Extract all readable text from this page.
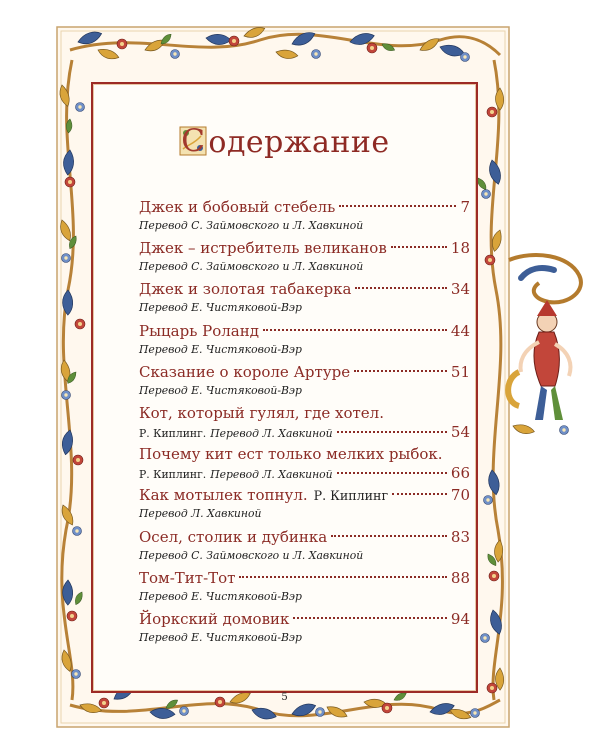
С одержание
Джек и бобовый стебель	7
Перевод С. Займовского и Л. Хавкиной
Джек – истребитель великанов	18
Перевод С. Займовского и Л. Хавкиной
Джек и золотая табакерка	34
Перевод Е. Чистяковой-Вэр
Рыцарь Роланд	44
Перевод Е. Чистяковой-Вэр
Сказание о короле Артуре	51
Перевод Е. Чистяковой-Вэр
Кот, который гулял, где хотел.
Р. Киплинг. Перевод Л. Хавкиной	54
Почему кит ест только мелких рыбок.
Р. Киплинг. Перевод Л. Хавкиной	66
Как мотылек топнул. Р. Киплинг	70
Перевод Л. Хавкиной
Осел, столик и дубинка	83
Перевод С. Займовского и Л. Хавкиной
Том-Тит-Тот	88
Перевод Е. Чистяковой-Вэр
Йоркский домовик	94
Перевод Е. Чистяковой-Вэр
5
